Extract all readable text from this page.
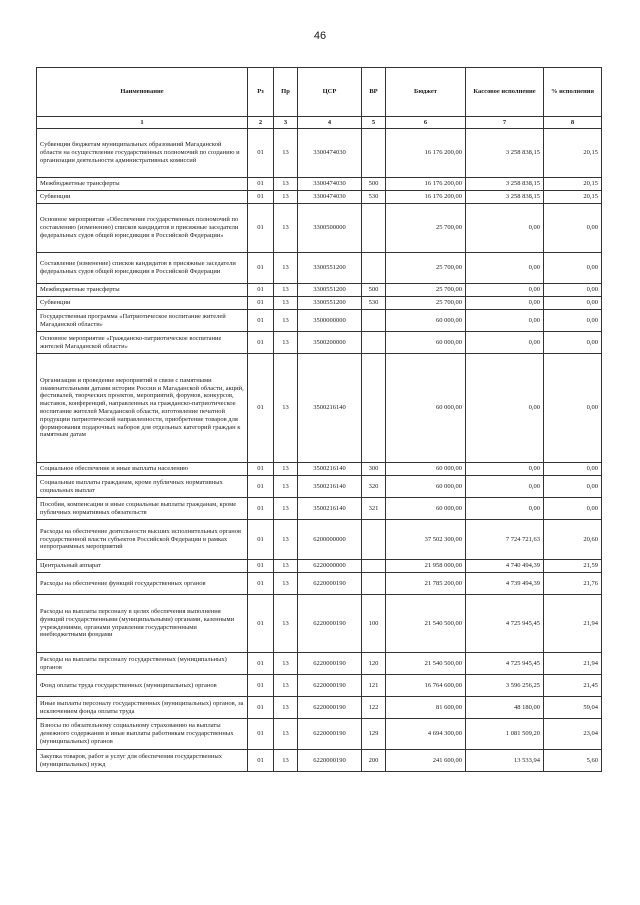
46
Наименование	Рз	Пр	ЦСР	ВР	Бюджет	Кассовое исполнение	% исполнения
1	2	3	4	5	6	7	8
Субвенции бюджетам муниципальных образований Магаданской области на осуществление государственных полномочий по созданию и организации деятельности административных комиссий	01	13	3300474030		16 176 200,00	3 258 838,15	20,15
Межбюджетные трансферты	01	13	3300474030	500	16 176 200,00	3 258 838,15	20,15
Субвенции	01	13	3300474030	530	16 176 200,00	3 258 838,15	20,15
Основное мероприятие «Обеспечение государственных полномочий по составлению (изменению) списков кандидатов в присяжные заседатели федеральных судов общей юрисдикции в Российской Федерации»	01	13	3300500000		25 700,00	0,00	0,00
Составление (изменение) списков кандидатов в присяжные заседатели федеральных судов общей юрисдикции в Российской Федерации	01	13	3300551200		25 700,00	0,00	0,00
Межбюджетные трансферты	01	13	3300551200	500	25 700,00	0,00	0,00
Субвенции	01	13	3300551200	530	25 700,00	0,00	0,00
Государственная программа «Патриотическое воспитание жителей Магаданской области»	01	13	3500000000		60 000,00	0,00	0,00
Основное мероприятие «Гражданско-патриотическое воспитание жителей Магаданской области»	01	13	3500200000		60 000,00	0,00	0,00
Организация и проведение мероприятий в связи с памятными знаменательными датами истории России и Магаданской области, акций, фестивалей, творческих проектов, мероприятий, форумов, конкурсов, выставок, конференций, направленных на гражданско-патриотическое воспитание жителей Магаданской области, изготовление печатной продукции патриотической направленности, приобретение товаров для формирования подарочных наборов для отдельных категорий граждан к памятным датам	01	13	3500216140		60 000,00	0,00	0,00
Социальное обеспечение и иные выплаты населению	01	13	3500216140	300	60 000,00	0,00	0,00
Социальные выплаты гражданам, кроме публичных нормативных социальных выплат	01	13	3500216140	320	60 000,00	0,00	0,00
Пособия, компенсации и иные социальные выплаты гражданам, кроме публичных нормативных обязательств	01	13	3500216140	321	60 000,00	0,00	0,00
Расходы на обеспечение деятельности высших исполнительных органов государственной власти субъектов Российской Федерации в рамках непрограммных мероприятий	01	13	6200000000		37 502 300,00	7 724 721,63	20,60
Центральный аппарат	01	13	6220000000		21 958 000,00	4 740 494,39	21,59
Расходы на обеспечение функций государственных органов	01	13	6220000190		21 785 200,00	4 739 494,39	21,76
Расходы на выплаты персоналу в целях обеспечения выполнения функций государственными (муниципальными) органами, казенными учреждениями, органами управления государственными внебюджетными фондами	01	13	6220000190	100	21 540 500,00	4 725 945,45	21,94
Расходы на выплаты персоналу государственных (муниципальных) органов	01	13	6220000190	120	21 540 500,00	4 725 945,45	21,94
Фонд оплаты труда государственных (муниципальных) органов	01	13	6220000190	121	16 764 600,00	3 596 256,25	21,45
Иные выплаты персоналу государственных (муниципальных) органов, за исключением фонда оплаты труда	01	13	6220000190	122	81 600,00	48 180,00	59,04
Взносы по обязательному социальному страхованию на выплаты денежного содержания и иные выплаты работникам государственных (муниципальных) органов	01	13	6220000190	129	4 694 300,00	1 081 509,20	23,04
Закупка товаров, работ и услуг для обеспечения государственных (муниципальных) нужд	01	13	6220000190	200	241 600,00	13 533,94	5,60
